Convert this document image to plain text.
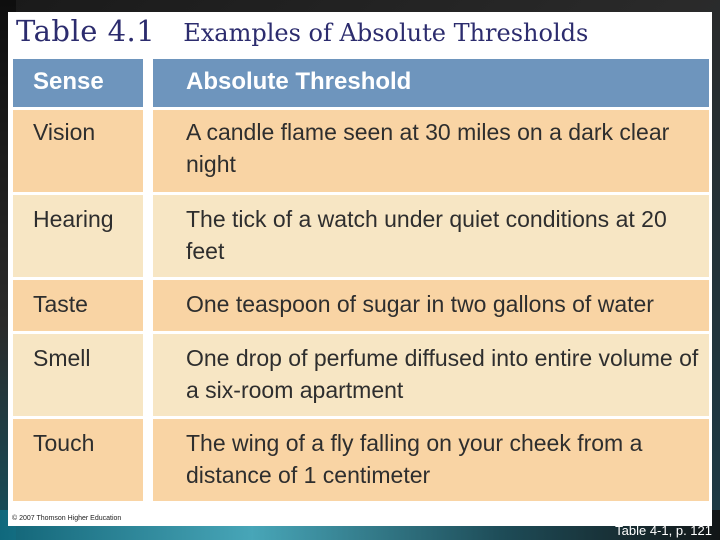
Table 4.1 Examples of Absolute Thresholds
Sense	Absolute Threshold
Vision	A candle flame seen at 30 miles on a dark clear night
Hearing	The tick of a watch under quiet conditions at 20 feet
Taste	One teaspoon of sugar in two gallons of water
Smell	One drop of perfume diffused into entire volume of a six-room apartment
Touch	The wing of a fly falling on your cheek from a distance of 1 centimeter
© 2007 Thomson Higher Education
Table 4-1, p. 121
